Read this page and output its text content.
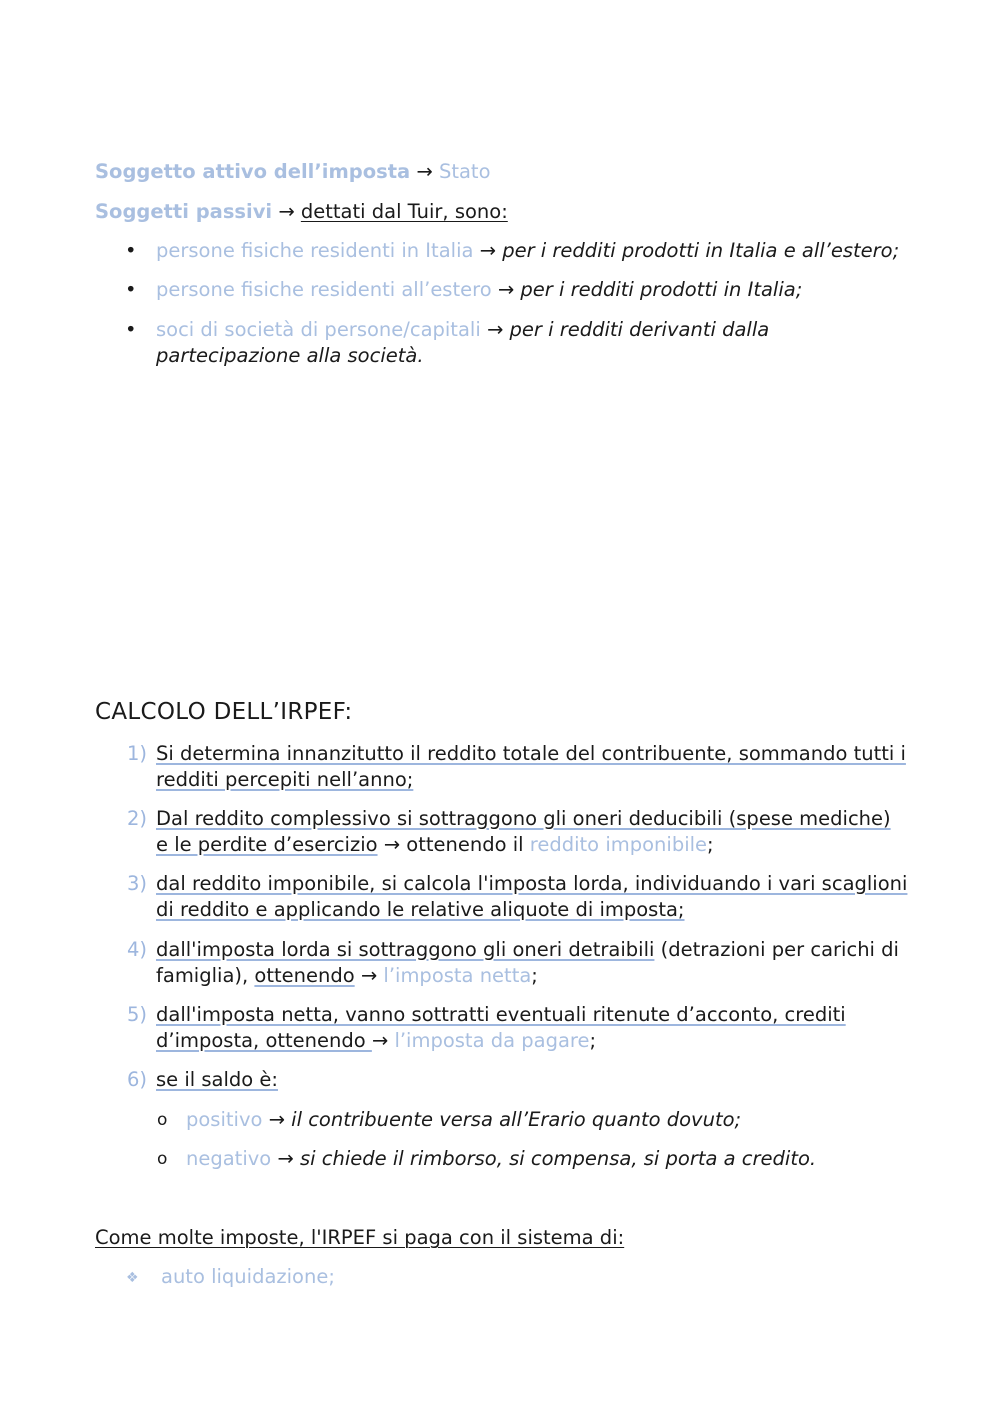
Soggetto attivo dell’imposta → Stato
Soggetti passivi → dettati dal Tuir, sono:
• persone fisiche residenti in Italia → per i redditi prodotti in Italia e all’estero;
• persone fisiche residenti all’estero → per i redditi prodotti in Italia;
• soci di società di persone/capitali → per i redditi derivanti dalla
partecipazione alla società.
CALCOLO DELL’IRPEF:
1) Si determina innanzitutto il reddito totale del contribuente, sommando tutti i
redditi percepiti nell’anno;
2) Dal reddito complessivo si sottraggono gli oneri deducibili (spese mediche)
e le perdite d’esercizio → ottenendo il reddito imponibile;
3) dal reddito imponibile, si calcola l'imposta lorda, individuando i vari scaglioni
di reddito e applicando le relative aliquote di imposta;
4) dall'imposta lorda si sottraggono gli oneri detraibili (detrazioni per carichi di
famiglia), ottenendo → l’imposta netta;
5) dall'imposta netta, vanno sottratti eventuali ritenute d’acconto, crediti
d’imposta, ottenendo → l’imposta da pagare;
6) se il saldo è:
o positivo → il contribuente versa all’Erario quanto dovuto;
o negativo → si chiede il rimborso, si compensa, si porta a credito.
Come molte imposte, l'IRPEF si paga con il sistema di:
❖ auto liquidazione;
